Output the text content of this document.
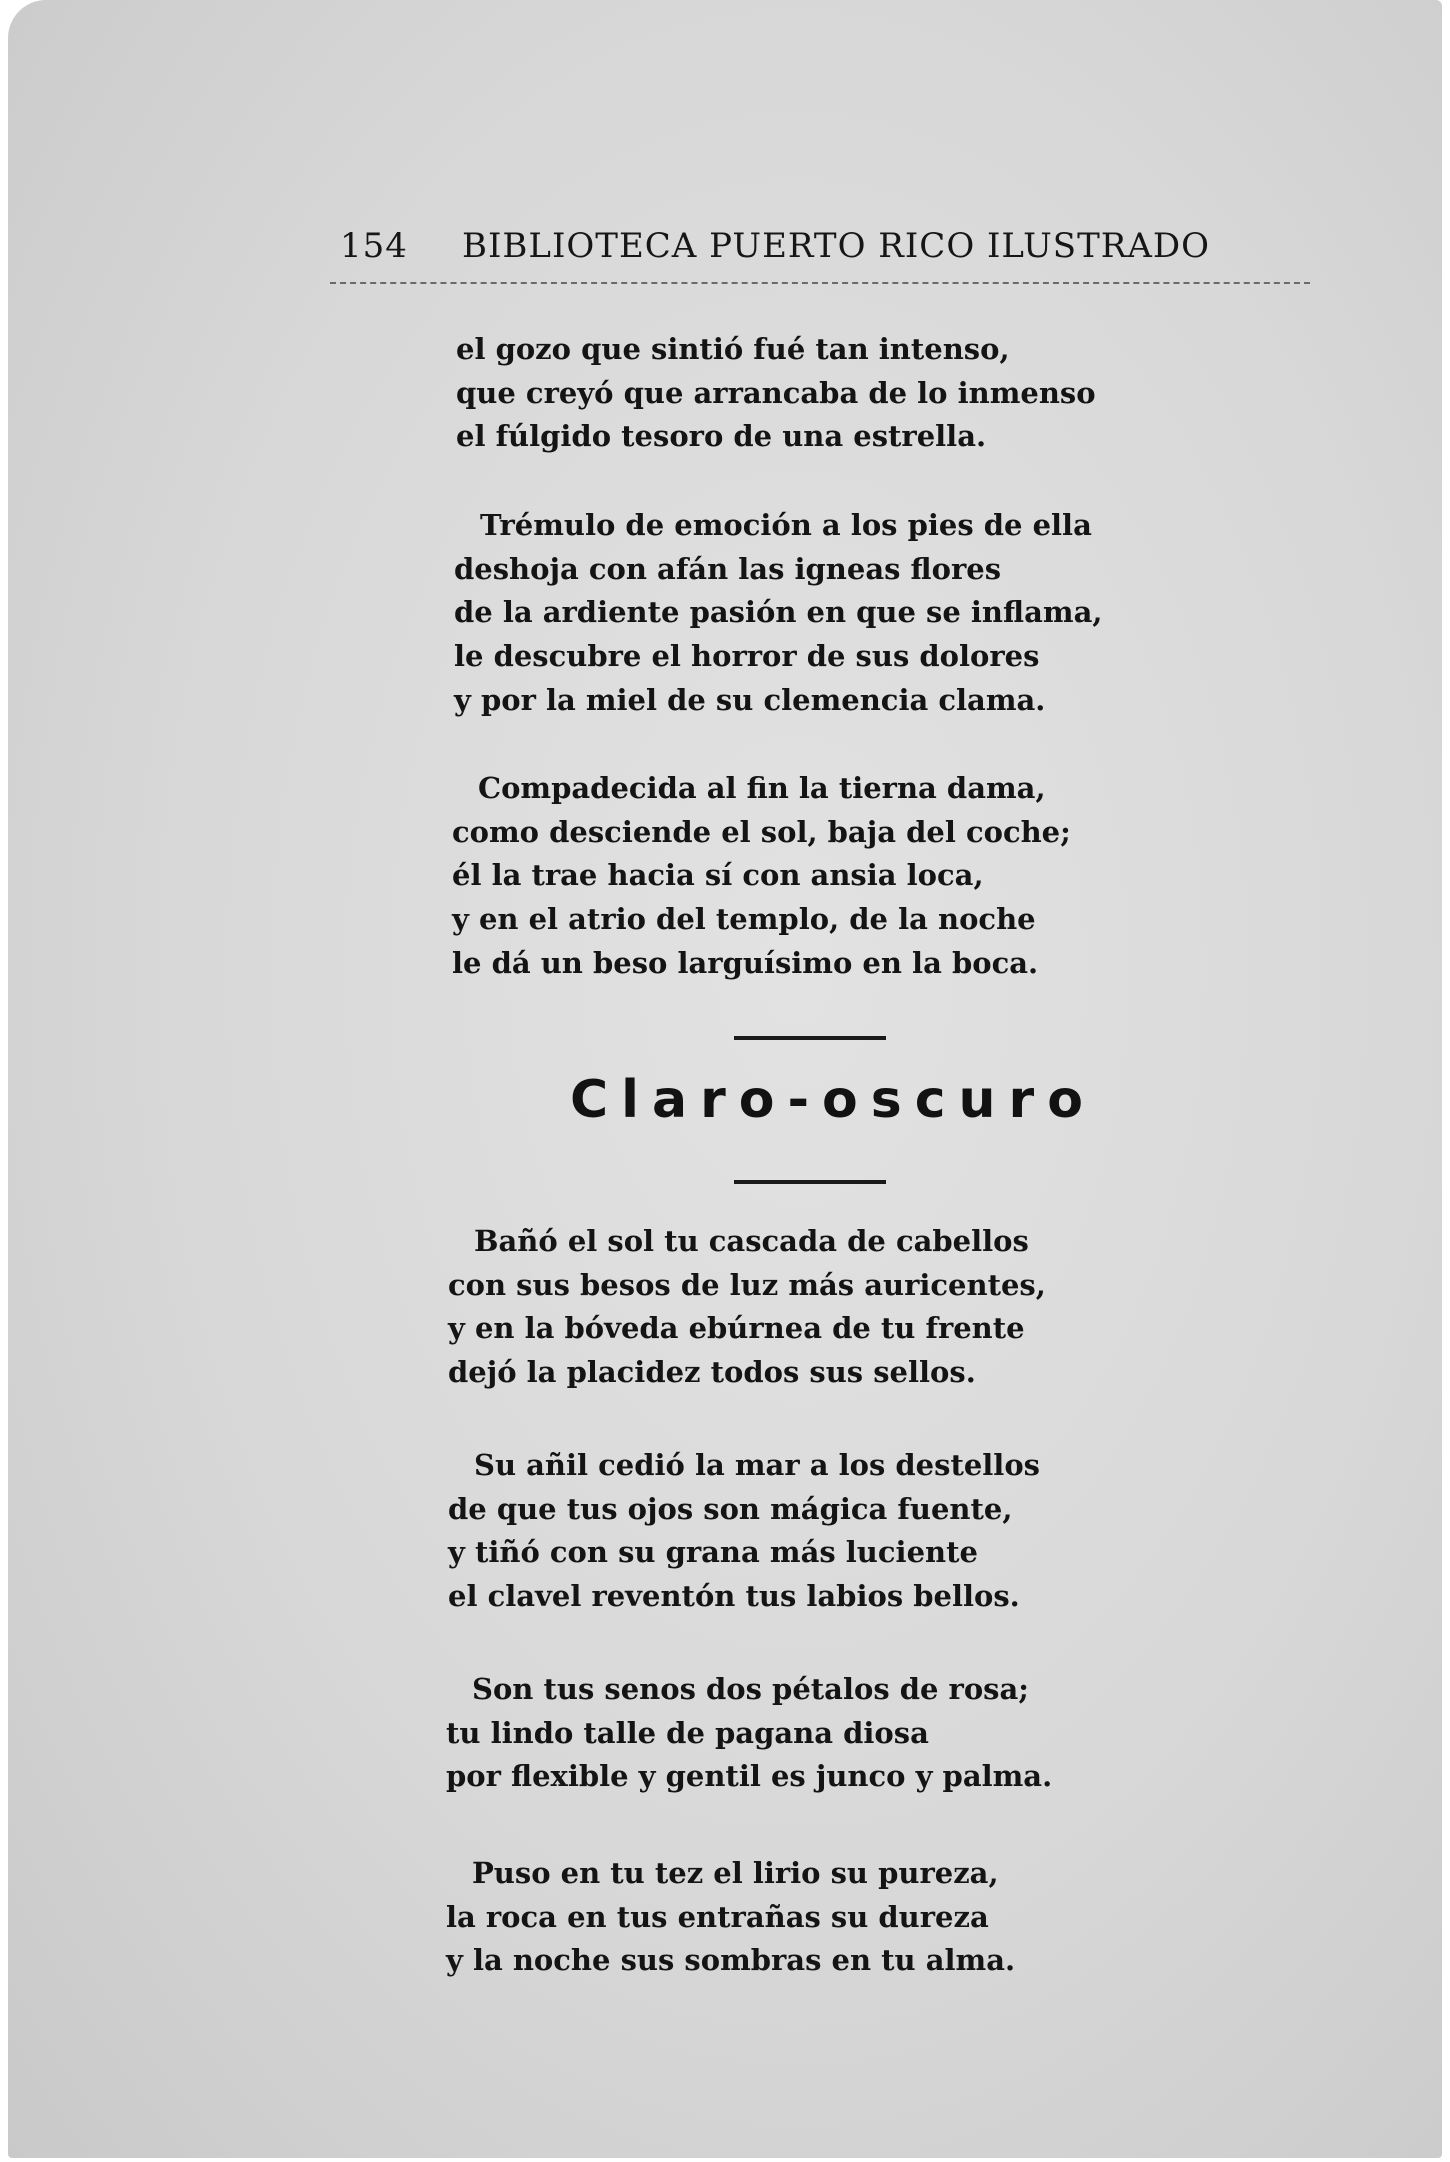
154 BIBLIOTECA PUERTO RICO ILUSTRADO

el gozo que sintió fué tan intenso,
que creyó que arrancaba de lo inmenso
el fúlgido tesoro de una estrella.

Trémulo de emoción a los pies de ella
deshoja con afán las igneas flores
de la ardiente pasión en que se inflama,
le descubre el horror de sus dolores
y por la miel de su clemencia clama.

Compadecida al fin la tierna dama,
como desciende el sol, baja del coche;
él la trae hacia sí con ansia loca,
y en el atrio del templo, de la noche
le dá un beso larguísimo en la boca.

Claro-oscuro

Bañó el sol tu cascada de cabellos
con sus besos de luz más auricentes,
y en la bóveda ebúrnea de tu frente
dejó la placidez todos sus sellos.

Su añil cedió la mar a los destellos
de que tus ojos son mágica fuente,
y tiñó con su grana más luciente
el clavel reventón tus labios bellos.

Son tus senos dos pétalos de rosa;
tu lindo talle de pagana diosa
por flexible y gentil es junco y palma.

Puso en tu tez el lirio su pureza,
la roca en tus entrañas su dureza
y la noche sus sombras en tu alma.
